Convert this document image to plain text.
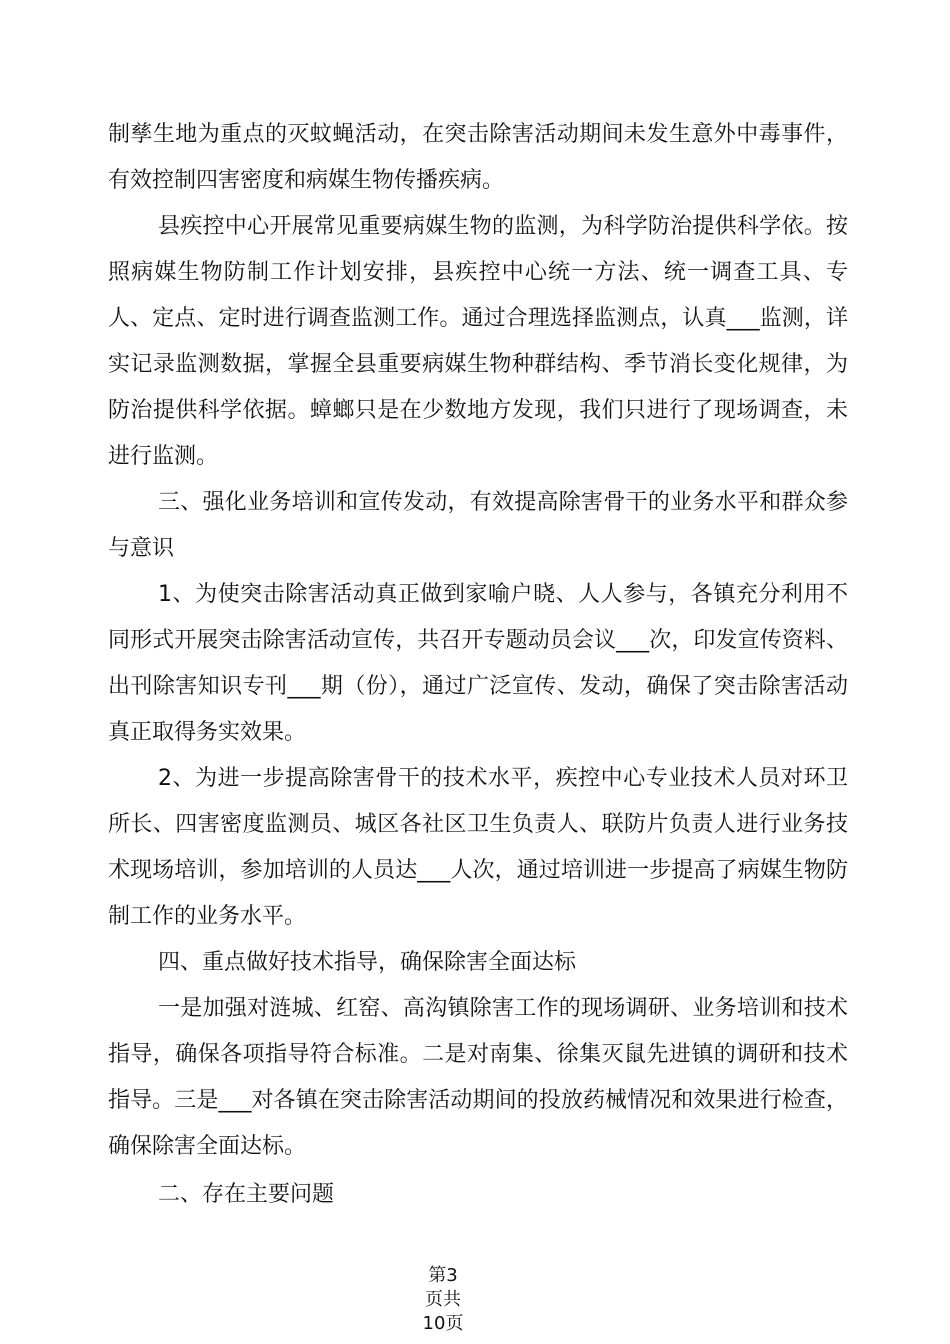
制孳生地为重点的灭蚊蝇活动，在突击除害活动期间未发生意外中毒事件，有效控制四害密度和病媒生物传播疾病。

县疾控中心开展常见重要病媒生物的监测，为科学防治提供科学依。按照病媒生物防制工作计划安排，县疾控中心统一方法、统一调查工具、专人、定点、定时进行调查监测工作。通过合理选择监测点，认真___监测，详实记录监测数据，掌握全县重要病媒生物种群结构、季节消长变化规律，为防治提供科学依据。蟑螂只是在少数地方发现，我们只进行了现场调查，未进行监测。

三、强化业务培训和宣传发动，有效提高除害骨干的业务水平和群众参与意识

1、为使突击除害活动真正做到家喻户晓、人人参与，各镇充分利用不同形式开展突击除害活动宣传，共召开专题动员会议___次，印发宣传资料、出刊除害知识专刊___期（份），通过广泛宣传、发动，确保了突击除害活动真正取得务实效果。

2、为进一步提高除害骨干的技术水平，疾控中心专业技术人员对环卫所长、四害密度监测员、城区各社区卫生负责人、联防片负责人进行业务技术现场培训，参加培训的人员达___人次，通过培训进一步提高了病媒生物防制工作的业务水平。

四、重点做好技术指导，确保除害全面达标

一是加强对涟城、红窑、高沟镇除害工作的现场调研、业务培训和技术指导，确保各项指导符合标准。二是对南集、徐集灭鼠先进镇的调研和技术指导。三是___对各镇在突击除害活动期间的投放药械情况和效果进行检查，确保除害全面达标。

二、存在主要问题

第3
页共
10页
